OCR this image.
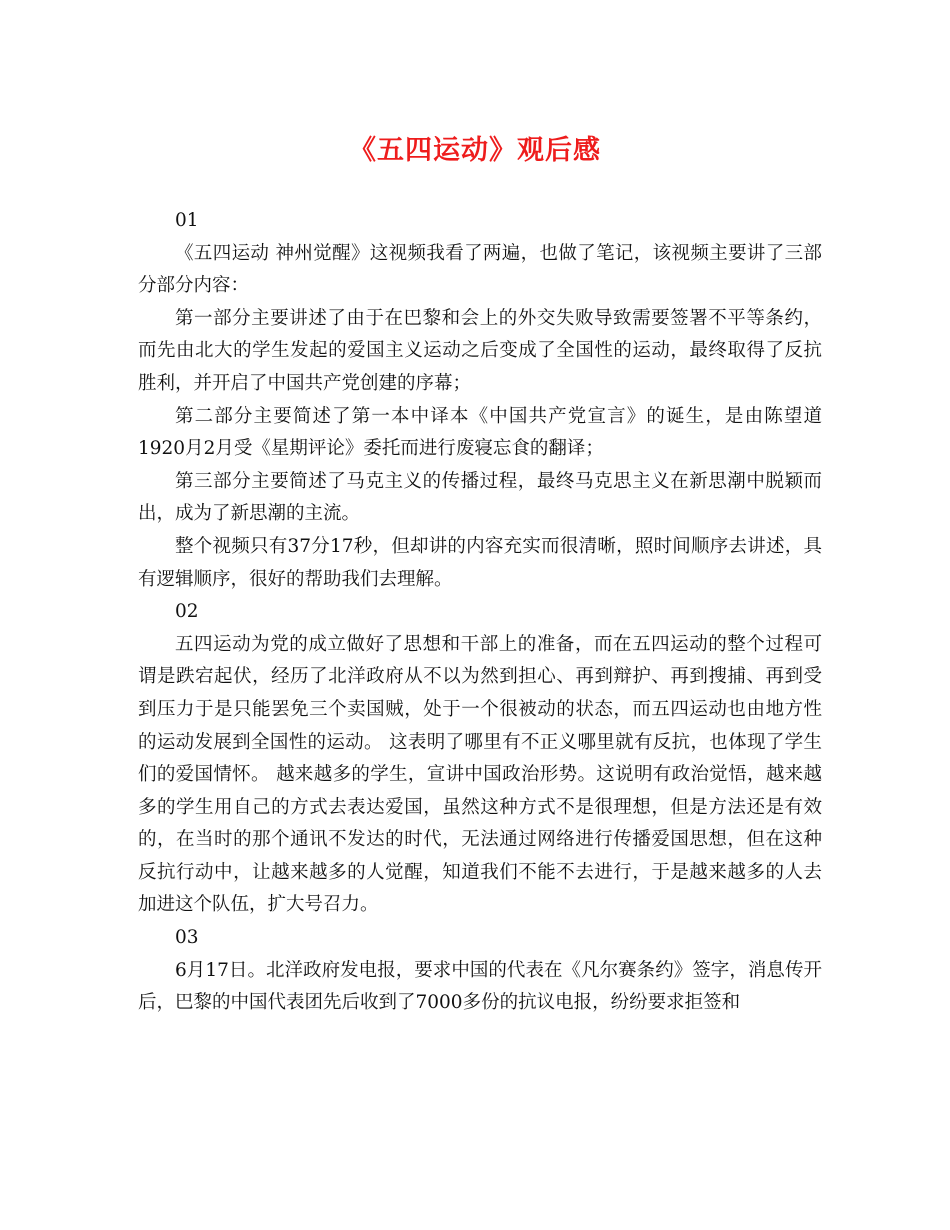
《五四运动》观后感

01

《五四运动 神州觉醒》这视频我看了两遍，也做了笔记，该视频主要讲了三部分部分内容：

第一部分主要讲述了由于在巴黎和会上的外交失败导致需要签署不平等条约，而先由北大的学生发起的爱国主义运动之后变成了全国性的运动，最终取得了反抗胜利，并开启了中国共产党创建的序幕；

第二部分主要简述了第一本中译本《中国共产党宣言》的诞生，是由陈望道1920月2月受《星期评论》委托而进行废寝忘食的翻译；

第三部分主要简述了马克主义的传播过程，最终马克思主义在新思潮中脱颖而出，成为了新思潮的主流。

整个视频只有37分17秒，但却讲的内容充实而很清晰，照时间顺序去讲述，具有逻辑顺序，很好的帮助我们去理解。

02

五四运动为党的成立做好了思想和干部上的准备，而在五四运动的整个过程可谓是跌宕起伏，经历了北洋政府从不以为然到担心、再到辩护、再到搜捕、再到受到压力于是只能罢免三个卖国贼，处于一个很被动的状态，而五四运动也由地方性的运动发展到全国性的运动。 这表明了哪里有不正义哪里就有反抗，也体现了学生们的爱国情怀。 越来越多的学生，宣讲中国政治形势。这说明有政治觉悟，越来越多的学生用自己的方式去表达爱国，虽然这种方式不是很理想，但是方法还是有效的，在当时的那个通讯不发达的时代，无法通过网络进行传播爱国思想，但在这种反抗行动中，让越来越多的人觉醒，知道我们不能不去进行，于是越来越多的人去加进这个队伍，扩大号召力。

03

6月17日。北洋政府发电报，要求中国的代表在《凡尔赛条约》签字，消息传开后，巴黎的中国代表团先后收到了7000多份的抗议电报，纷纷要求拒签和
